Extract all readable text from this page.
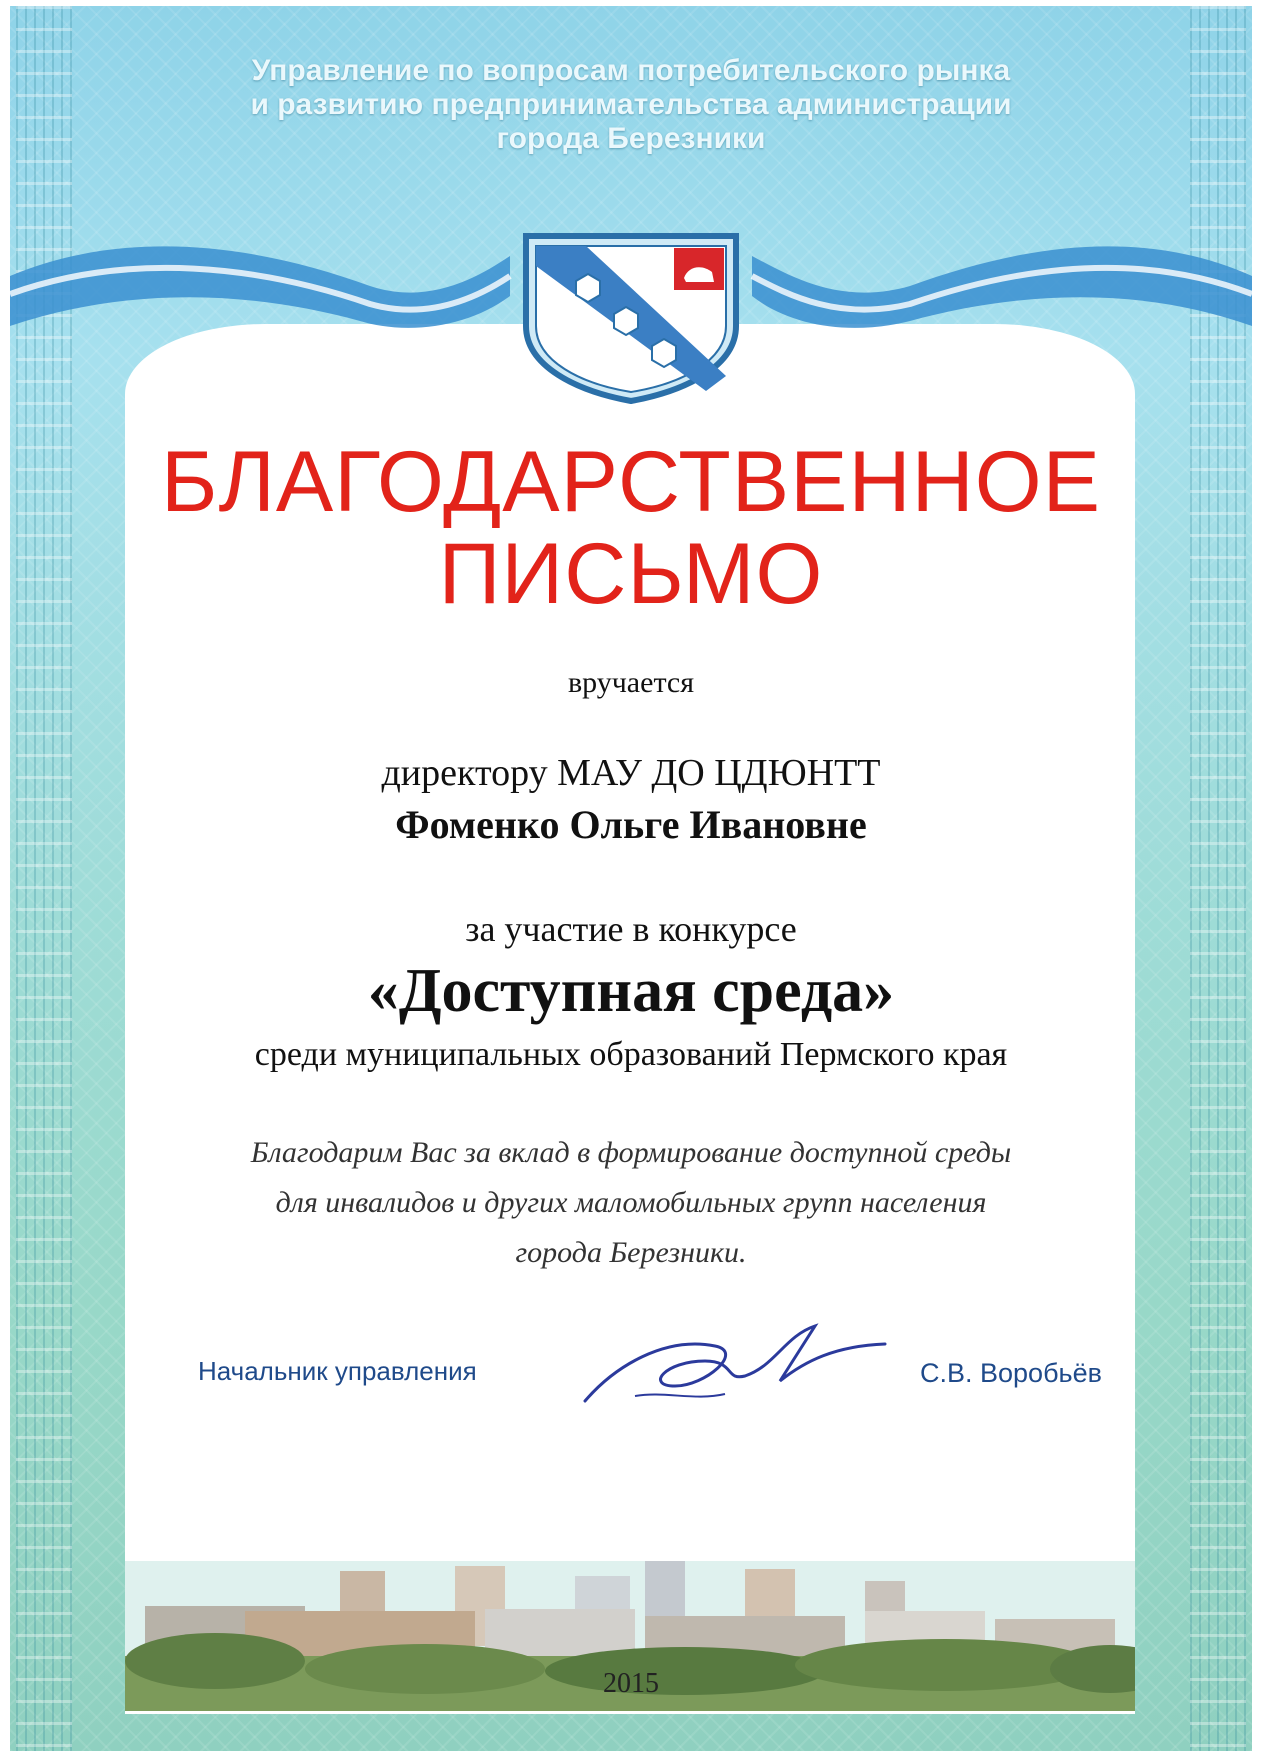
Управление по вопросам потребительского рынка
и развитию предпринимательства администрации
города Березники
БЛАГОДАРСТВЕННОЕ
ПИСЬМО
вручается
директору МАУ ДО ЦДЮНТТ
Фоменко Ольге Ивановне
за участие в конкурсе
«Доступная среда»
среди муниципальных образований Пермского края
Благодарим Вас за вклад в формирование доступной среды
для инвалидов и других маломобильных групп населения
города Березники.
Начальник управления	С.В. Воробьёв
2015
